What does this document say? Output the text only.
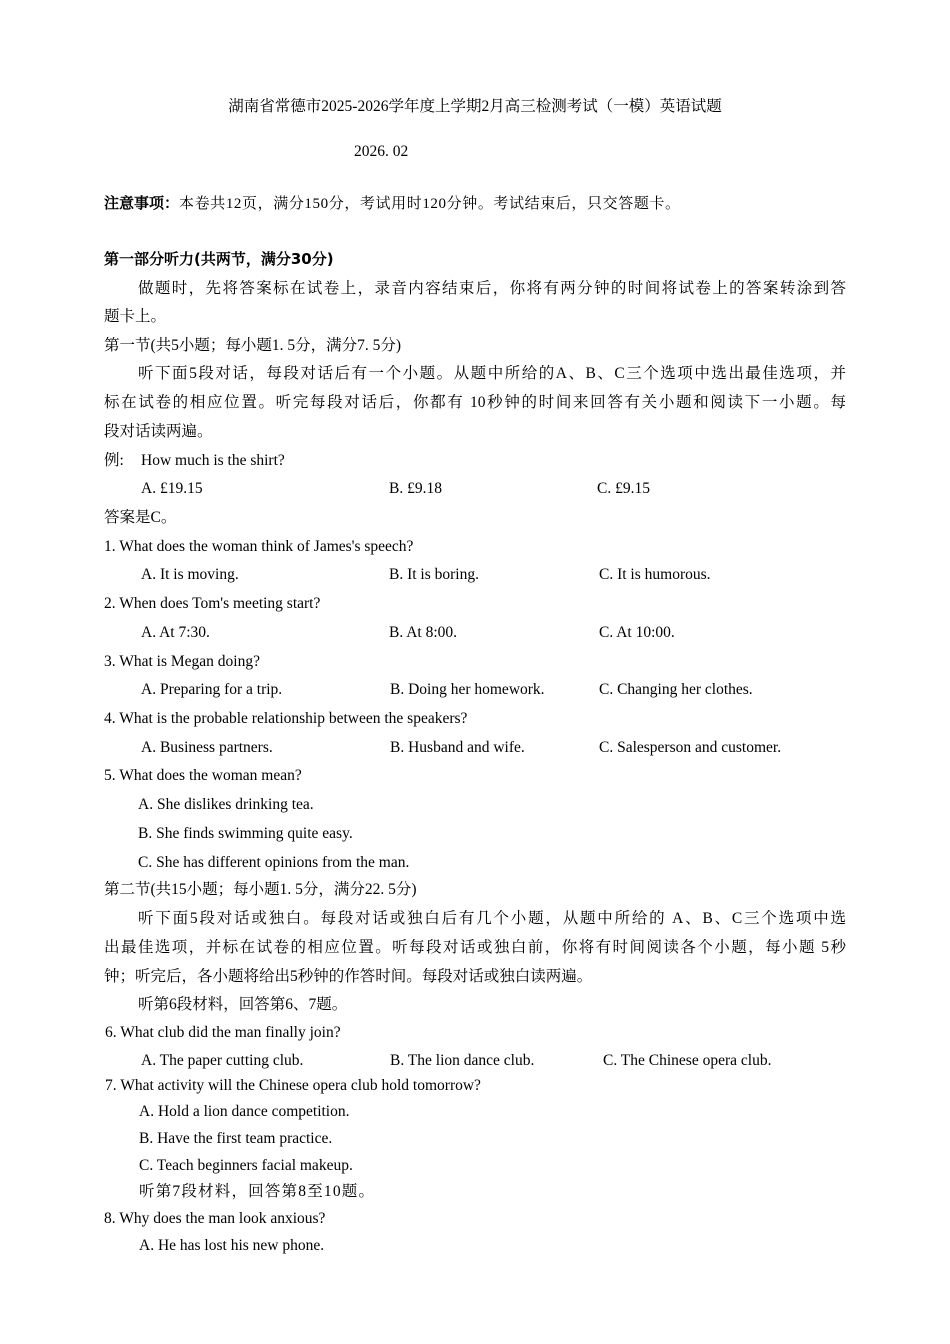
湖南省常德市2025-2026学年度上学期2月高三检测考试（一模）英语试题
2026. 02
注意事项：本卷共12页，满分150分，考试用时120分钟。考试结束后，只交答题卡。
第一部分听力(共两节，满分30分)
做题时，先将答案标在试卷上，录音内容结束后，你将有两分钟的时间将试卷上的答案转涂到答
题卡上。
第一节(共5小题；每小题1. 5分，满分7. 5分)
听下面5段对话，每段对话后有一个小题。从题中所给的A、B、C三个选项中选出最佳选项，并
标在试卷的相应位置。听完每段对话后，你都有 10秒钟的时间来回答有关小题和阅读下一小题。每
段对话读两遍。
例: How much is the shirt?
A. £19.15	B. £9.18	C. £9.15
答案是C。
1. What does the woman think of James's speech?
A. It is moving.	B. It is boring.	C. It is humorous.
2. When does Tom's meeting start?
A. At 7:30.	B. At 8:00.	C. At 10:00.
3. What is Megan doing?
A. Preparing for a trip.	B. Doing her homework.	C. Changing her clothes.
4. What is the probable relationship between the speakers?
A. Business partners.	B. Husband and wife.	C. Salesperson and customer.
5. What does the woman mean?
A. She dislikes drinking tea.
B. She finds swimming quite easy.
C. She has different opinions from the man.
第二节(共15小题；每小题1. 5分，满分22. 5分)
听下面5段对话或独白。每段对话或独白后有几个小题，从题中所给的 A、B、C三个选项中选
出最佳选项，并标在试卷的相应位置。听每段对话或独白前，你将有时间阅读各个小题，每小题 5秒
钟；听完后，各小题将给出5秒钟的作答时间。每段对话或独白读两遍。
听第6段材料，回答第6、7题。
6. What club did the man finally join?
A. The paper cutting club.	B. The lion dance club.	C. The Chinese opera club.
7. What activity will the Chinese opera club hold tomorrow?
A. Hold a lion dance competition.
B. Have the first team practice.
C. Teach beginners facial makeup.
听第7段材料，回答第8至10题。
8. Why does the man look anxious?
A. He has lost his new phone.
